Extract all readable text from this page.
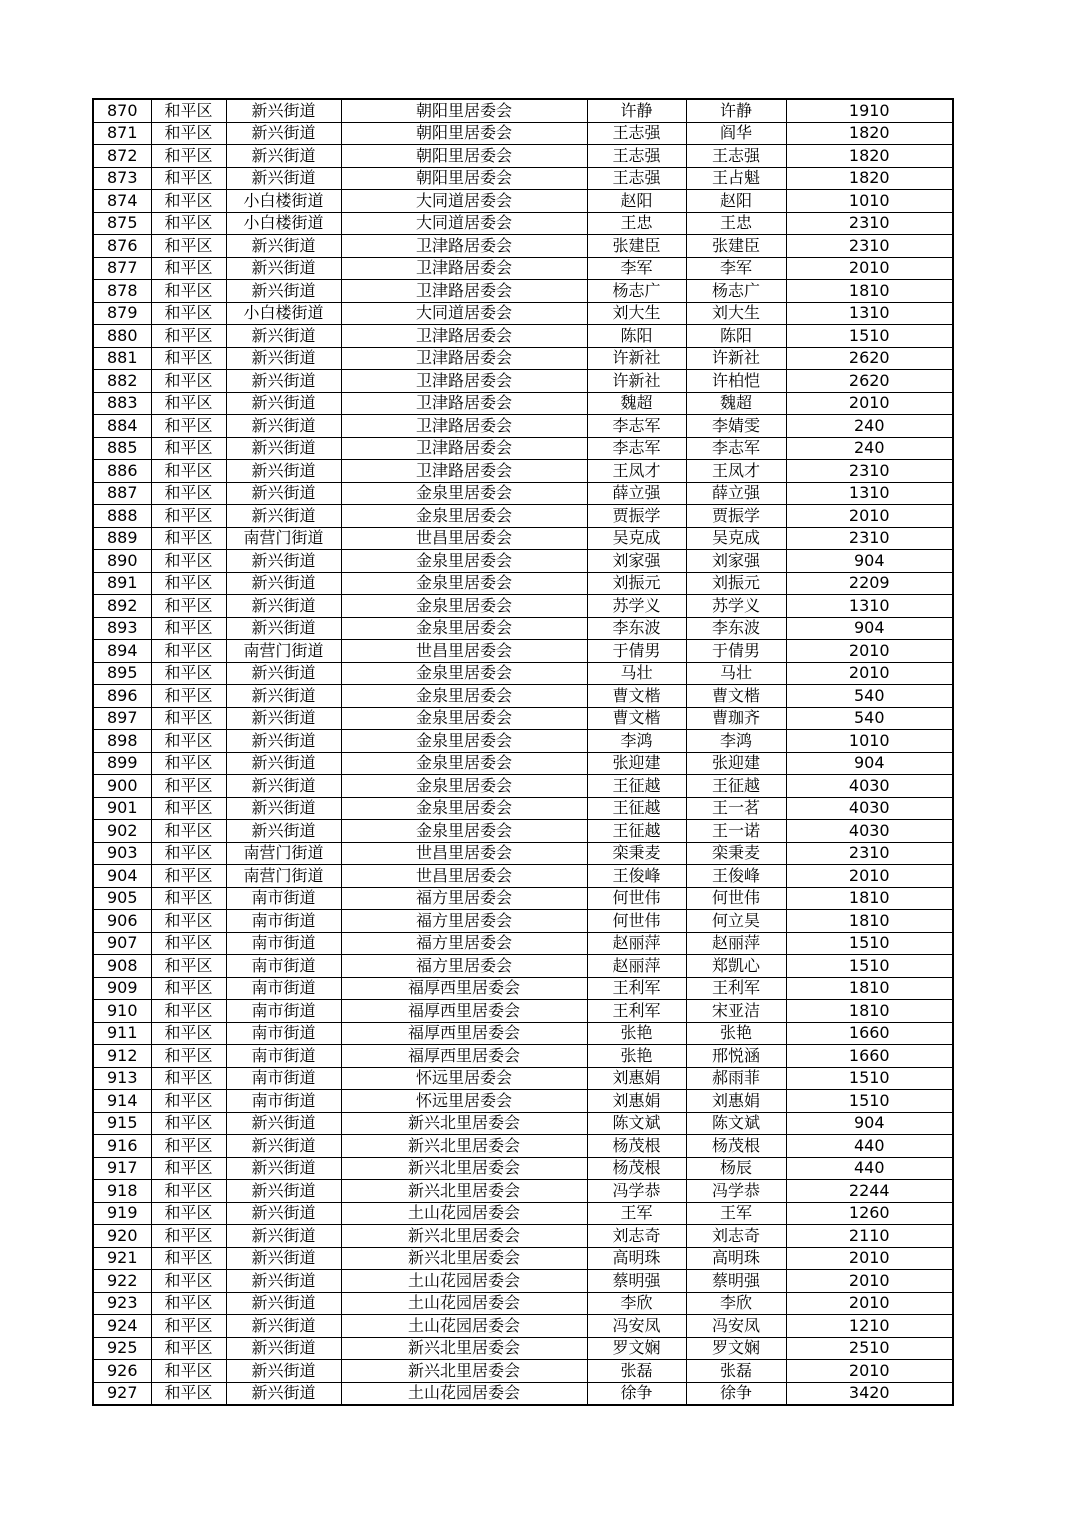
870	和平区	新兴街道	朝阳里居委会	许静	许静	1910
871	和平区	新兴街道	朝阳里居委会	王志强	阎华	1820
872	和平区	新兴街道	朝阳里居委会	王志强	王志强	1820
873	和平区	新兴街道	朝阳里居委会	王志强	王占魁	1820
874	和平区	小白楼街道	大同道居委会	赵阳	赵阳	1010
875	和平区	小白楼街道	大同道居委会	王忠	王忠	2310
876	和平区	新兴街道	卫津路居委会	张建臣	张建臣	2310
877	和平区	新兴街道	卫津路居委会	李军	李军	2010
878	和平区	新兴街道	卫津路居委会	杨志广	杨志广	1810
879	和平区	小白楼街道	大同道居委会	刘大生	刘大生	1310
880	和平区	新兴街道	卫津路居委会	陈阳	陈阳	1510
881	和平区	新兴街道	卫津路居委会	许新社	许新社	2620
882	和平区	新兴街道	卫津路居委会	许新社	许柏恺	2620
883	和平区	新兴街道	卫津路居委会	魏超	魏超	2010
884	和平区	新兴街道	卫津路居委会	李志军	李婧雯	240
885	和平区	新兴街道	卫津路居委会	李志军	李志军	240
886	和平区	新兴街道	卫津路居委会	王凤才	王凤才	2310
887	和平区	新兴街道	金泉里居委会	薛立强	薛立强	1310
888	和平区	新兴街道	金泉里居委会	贾振学	贾振学	2010
889	和平区	南营门街道	世昌里居委会	吴克成	吴克成	2310
890	和平区	新兴街道	金泉里居委会	刘家强	刘家强	904
891	和平区	新兴街道	金泉里居委会	刘振元	刘振元	2209
892	和平区	新兴街道	金泉里居委会	苏学义	苏学义	1310
893	和平区	新兴街道	金泉里居委会	李东波	李东波	904
894	和平区	南营门街道	世昌里居委会	于倩男	于倩男	2010
895	和平区	新兴街道	金泉里居委会	马壮	马壮	2010
896	和平区	新兴街道	金泉里居委会	曹文楷	曹文楷	540
897	和平区	新兴街道	金泉里居委会	曹文楷	曹珈齐	540
898	和平区	新兴街道	金泉里居委会	李鸿	李鸿	1010
899	和平区	新兴街道	金泉里居委会	张迎建	张迎建	904
900	和平区	新兴街道	金泉里居委会	王征越	王征越	4030
901	和平区	新兴街道	金泉里居委会	王征越	王一茗	4030
902	和平区	新兴街道	金泉里居委会	王征越	王一诺	4030
903	和平区	南营门街道	世昌里居委会	栾秉麦	栾秉麦	2310
904	和平区	南营门街道	世昌里居委会	王俊峰	王俊峰	2010
905	和平区	南市街道	福方里居委会	何世伟	何世伟	1810
906	和平区	南市街道	福方里居委会	何世伟	何立昊	1810
907	和平区	南市街道	福方里居委会	赵丽萍	赵丽萍	1510
908	和平区	南市街道	福方里居委会	赵丽萍	郑凱心	1510
909	和平区	南市街道	福厚西里居委会	王利军	王利军	1810
910	和平区	南市街道	福厚西里居委会	王利军	宋亚洁	1810
911	和平区	南市街道	福厚西里居委会	张艳	张艳	1660
912	和平区	南市街道	福厚西里居委会	张艳	邢悦涵	1660
913	和平区	南市街道	怀远里居委会	刘惠娟	郝雨菲	1510
914	和平区	南市街道	怀远里居委会	刘惠娟	刘惠娟	1510
915	和平区	新兴街道	新兴北里居委会	陈文斌	陈文斌	904
916	和平区	新兴街道	新兴北里居委会	杨茂根	杨茂根	440
917	和平区	新兴街道	新兴北里居委会	杨茂根	杨辰	440
918	和平区	新兴街道	新兴北里居委会	冯学恭	冯学恭	2244
919	和平区	新兴街道	土山花园居委会	王军	王军	1260
920	和平区	新兴街道	新兴北里居委会	刘志奇	刘志奇	2110
921	和平区	新兴街道	新兴北里居委会	高明珠	高明珠	2010
922	和平区	新兴街道	土山花园居委会	蔡明强	蔡明强	2010
923	和平区	新兴街道	土山花园居委会	李欣	李欣	2010
924	和平区	新兴街道	土山花园居委会	冯安凤	冯安凤	1210
925	和平区	新兴街道	新兴北里居委会	罗文娴	罗文娴	2510
926	和平区	新兴街道	新兴北里居委会	张磊	张磊	2010
927	和平区	新兴街道	土山花园居委会	徐争	徐争	3420
